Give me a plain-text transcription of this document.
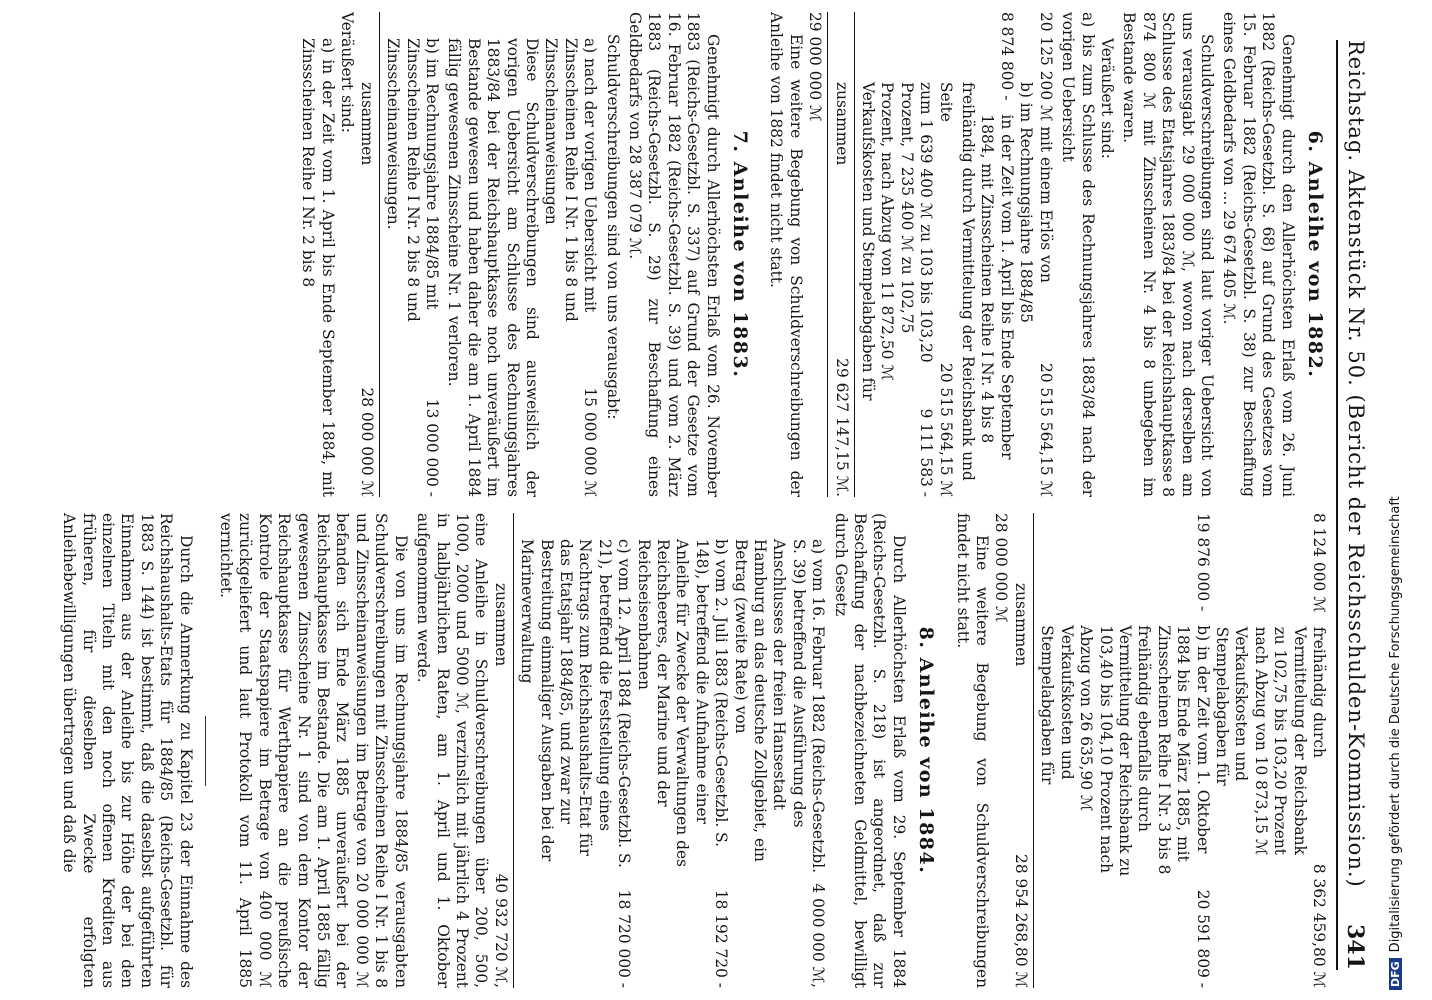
Reichstag. Aktenstück Nr. 50. (Bericht der Reichsschulden-Kommission.)
341
6. Anleihe von 1882.
Genehmigt durch den Allerhöchsten Erlaß vom 26. Juni 1882 (Reichs-Gesetzbl. S. 68) auf Grund des Gesetzes vom 15. Februar 1882 (Reichs-Gesetzbl. S. 38) zur Beschaffung eines Geldbedarfs von ... 29 674 405 ℳ.
Schuldverschreibungen sind laut voriger Uebersicht von uns verausgabt 29 000 000 ℳ, wovon nach derselben am Schlusse des Etatsjahres 1883/84 bei der Reichshauptkasse 8 874 800 ℳ mit Zinsscheinen Nr. 4 bis 8 unbegeben im Bestande waren.
Veräußert sind:
a) bis zum Schlusse des Rechnungsjahres 1883/84 nach der vorigen Uebersicht
20 125 200 ℳ mit einem Erlös von
20 515 564,15 ℳ
b) im Rechnungsjahre 1884/85
8 874 800 -
in der Zeit vom 1. April bis Ende September 1884, mit Zinsscheinen Reihe I Nr. 4 bis 8
freihändig durch Vermittelung der Reichsbank und
Seite
20 515 564,15 ℳ
zum 1 639 400 ℳ zu 103 bis 103,20 Prozent, 7 235 400 ℳ zu 102,75 Prozent, nach Abzug von 11 872,50 ℳ Verkaufskosten und Stempelabgaben für
9 111 583 -
zusammen
29 627 147,15 ℳ.
29 000 000 ℳ
Eine weitere Begebung von Schuldverschreibungen der Anleihe von 1882 findet nicht statt.
7. Anleihe von 1883.
Genehmigt durch Allerhöchsten Erlaß vom 26. November 1883 (Reichs-Gesetzbl. S. 337) auf Grund der Gesetze vom 16. Februar 1882 (Reichs-Gesetzbl. S. 39) und vom 2. März 1883 (Reichs-Gesetzbl. S. 29) zur Beschaffung eines Geldbedarfs von 28 387 079 ℳ.
Schuldverschreibungen sind von uns verausgabt:
a) nach der vorigen Uebersicht mit Zinsscheinen Reihe I Nr. 1 bis 8 und Zinsscheinanweisungen
15 000 000 ℳ
Diese Schuldverschreibungen sind ausweislich der vorigen Uebersicht am Schlusse des Rechnungsjahres 1883/84 bei der Reichshauptkasse noch unveräußert im Bestande gewesen und haben daher die am 1. April 1884 fällig gewesenen Zinsscheine Nr. 1 verloren.
b) im Rechnungsjahre 1884/85 mit Zinsscheinen Reihe I Nr. 2 bis 8 und Zinsscheinanweisungen.
13 000 000 -
zusammen
28 000 000 ℳ
Veräußert sind:
a) in der Zeit vom 1. April bis Ende September 1884, mit Zinsscheinen Reihe I Nr. 2 bis 8
8 124 000 ℳ
freihändig durch Vermittelung der Reichsbank zu 102,75 bis 103,20 Prozent nach Abzug von 10 873,15 ℳ Verkaufskosten und Stempelabgaben für
8 362 459,80 ℳ
19 876 000 -
b) in der Zeit vom 1. Oktober 1884 bis Ende März 1885, mit Zinsscheinen Reihe I Nr. 3 bis 8 freihändig ebenfalls durch Vermittelung der Reichsbank zu 103,40 bis 104,10 Prozent nach Abzug von 26 635,90 ℳ Verkaufskosten und Stempelabgaben für
20 591 809 -
zusammen
28 954 268,80 ℳ
28 000 000 ℳ
Eine weitere Begebung von Schuldverschreibungen findet nicht statt.
8. Anleihe von 1884.
Durch Allerhöchsten Erlaß vom 29. September 1884 (Reichs-Gesetzbl. S. 218) ist angeordnet, daß zur Beschaffung der nachbezeichneten Geldmittel, bewilligt durch Gesetz
a) vom 16. Februar 1882 (Reichs-Gesetzbl. S. 39) betreffend die Ausführung des Anschlusses der freien Hansestadt Hamburg an das deutsche Zollgebiet, ein Betrag (zweite Rate) von
4 000 000 ℳ,
b) vom 2. Juli 1883 (Reichs-Gesetzbl. S. 148), betreffend die Aufnahme einer Anleihe für Zwecke der Verwaltungen des Reichsheeres, der Marine und der Reichseisenbahnen
18 192 720 -
c) vom 12. April 1884 (Reichs-Gesetzbl. S. 21), betreffend die Feststellung eines Nachtrags zum Reichshaushalts-Etat für das Etatsjahr 1884/85, und zwar zur Bestreitung einmaliger Ausgaben bei der Marineverwaltung
18 720 000 -
zusammen
40 932 720 ℳ,
eine Anleihe in Schuldverschreibungen über 200, 500, 1000, 2000 und 5000 ℳ, verzinslich mit jährlich 4 Prozent in halbjährlichen Raten, am 1. April und 1. Oktober aufgenommen werde.
Die von uns im Rechnungsjahre 1884/85 verausgabten Schuldverschreibungen mit Zinsscheinen Reihe I Nr. 1 bis 8 und Zinsscheinanweisungen im Betrage von 20 000 000 ℳ befanden sich Ende März 1885 unveräußert bei der Reichshauptkasse im Bestande. Die am 1. April 1885 fällig gewesenen Zinsscheine Nr. 1 sind von dem Kontor der Reichshauptkasse für Werthpapiere an die preußische Kontrole der Staatspapiere im Betrage von 400 000 ℳ zurückgeliefert und laut Protokoll vom 11. April 1885 vernichtet.
Durch die Anmerkung zu Kapitel 23 der Einnahme des Reichshaushalts-Etats für 1884/85 (Reichs-Gesetzbl. für 1883 S. 144) ist bestimmt, daß die daselbst aufgeführten Einnahmen aus der Anleihe bis zur Höhe der bei den einzelnen Titeln mit den noch offenen Krediten aus früheren, für dieselben Zwecke erfolgten Anleihebewilligungen übertragen und daß die
DFGDigitalisierung gefördert durch die Deutsche Forschungsgemeinschaft
